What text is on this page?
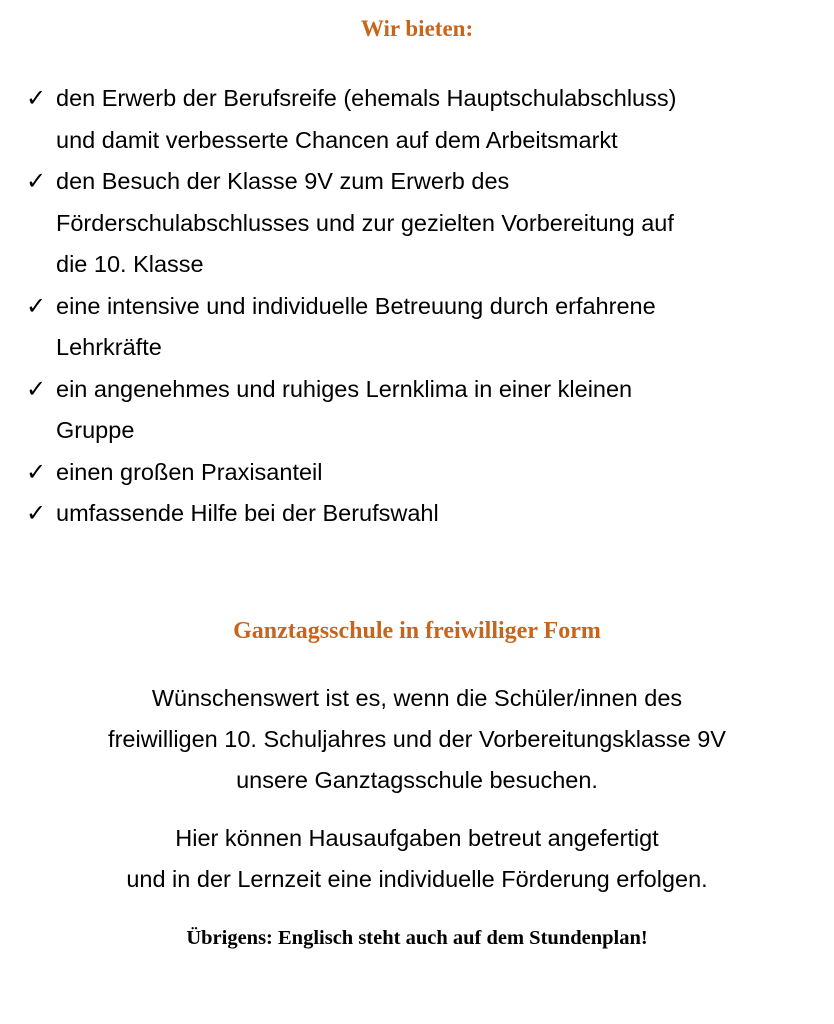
Wir bieten:
✓ den Erwerb der Berufsreife (ehemals Hauptschulabschluss)
und damit verbesserte Chancen auf dem Arbeitsmarkt
✓ den Besuch der Klasse 9V zum Erwerb des
Förderschulabschlusses und zur gezielten Vorbereitung auf
die 10. Klasse
✓ eine intensive und individuelle Betreuung durch erfahrene
Lehrkräfte
✓ ein angenehmes und ruhiges Lernklima in einer kleinen
Gruppe
✓ einen großen Praxisanteil
✓ umfassende Hilfe bei der Berufswahl
Ganztagsschule in freiwilliger Form
Wünschenswert ist es, wenn die Schüler/innen des
freiwilligen 10. Schuljahres und der Vorbereitungsklasse 9V
unsere Ganztagsschule besuchen.
Hier können Hausaufgaben betreut angefertigt
und in der Lernzeit eine individuelle Förderung erfolgen.
Übrigens: Englisch steht auch auf dem Stundenplan!
